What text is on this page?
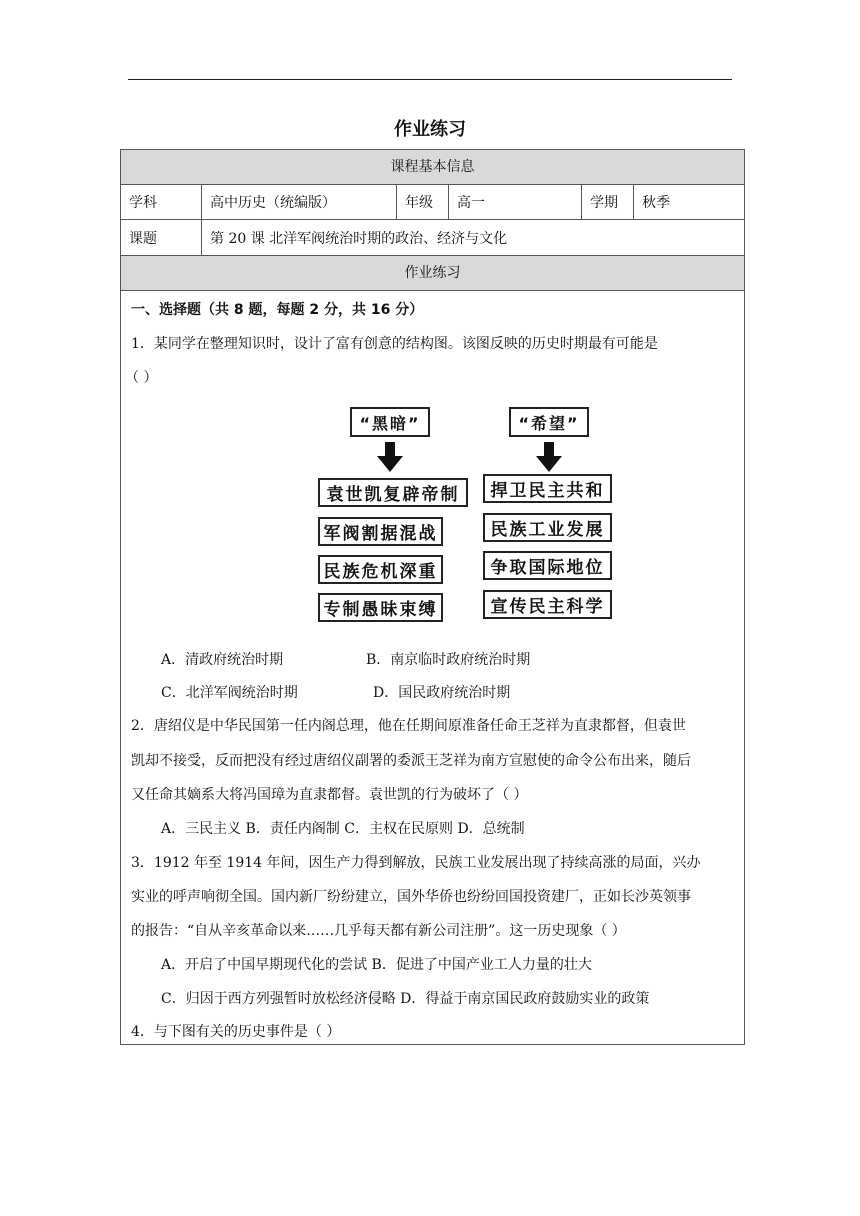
作业练习
课程基本信息
学科	高中历史（统编版）	年级	高一	学期	秋季
课题	第 20 课 北洋军阀统治时期的政治、经济与文化
作业练习
一、选择题（共 8 题，每题 2 分，共 16 分）
1．某同学在整理知识时，设计了富有创意的结构图。该图反映的历史时期最有可能是
（ ）
“黑暗”	“希望”
袁世凯复辟帝制
军阀割据混战
民族危机深重
专制愚昧束缚
捍卫民主共和
民族工业发展
争取国际地位
宣传民主科学
A．清政府统治时期	B．南京临时政府统治时期
C．北洋军阀统治时期	D．国民政府统治时期
2．唐绍仪是中华民国第一任内阁总理，他在任期间原准备任命王芝祥为直隶都督，但袁世
凯却不接受，反而把没有经过唐绍仪副署的委派王芝祥为南方宣慰使的命令公布出来，随后
又任命其嫡系大将冯国璋为直隶都督。袁世凯的行为破坏了（ ）
A．三民主义 B．责任内阁制 C．主权在民原则 D．总统制
3．1912 年至 1914 年间，因生产力得到解放，民族工业发展出现了持续高涨的局面，兴办
实业的呼声响彻全国。国内新厂纷纷建立，国外华侨也纷纷回国投资建厂，正如长沙英领事
的报告：“自从辛亥革命以来……几乎每天都有新公司注册”。这一历史现象（ ）
A．开启了中国早期现代化的尝试 B．促进了中国产业工人力量的壮大
C．归因于西方列强暂时放松经济侵略 D．得益于南京国民政府鼓励实业的政策
4．与下图有关的历史事件是（ ）
